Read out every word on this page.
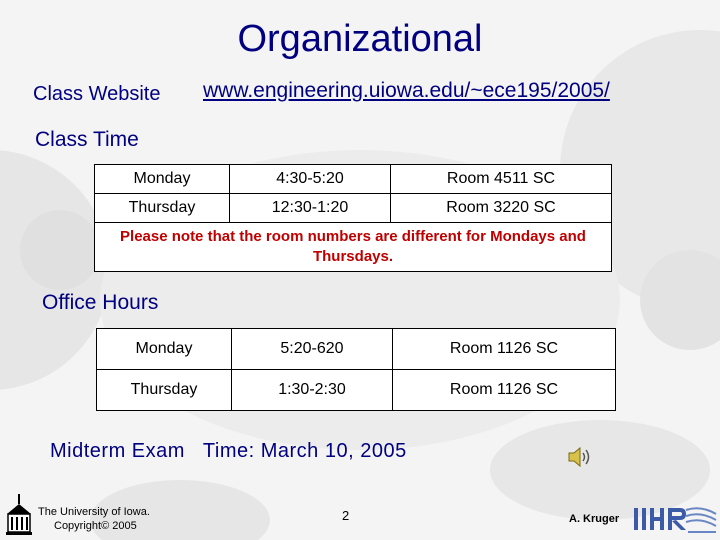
Organizational
Class Website www.engineering.uiowa.edu/~ece195/2005/
Class Time
Monday	4:30-5:20	Room 4511 SC
Thursday	12:30-1:20	Room 3220 SC
Please note that the room numbers are different for Mondays and Thursdays.		
Office Hours
Monday	5:20-620	Room 1126 SC
Thursday	1:30-2:30	Room 1126 SC
Midterm Exam Time: March 10, 2005
The University of Iowa.
Copyright© 2005
2	A. Kruger
